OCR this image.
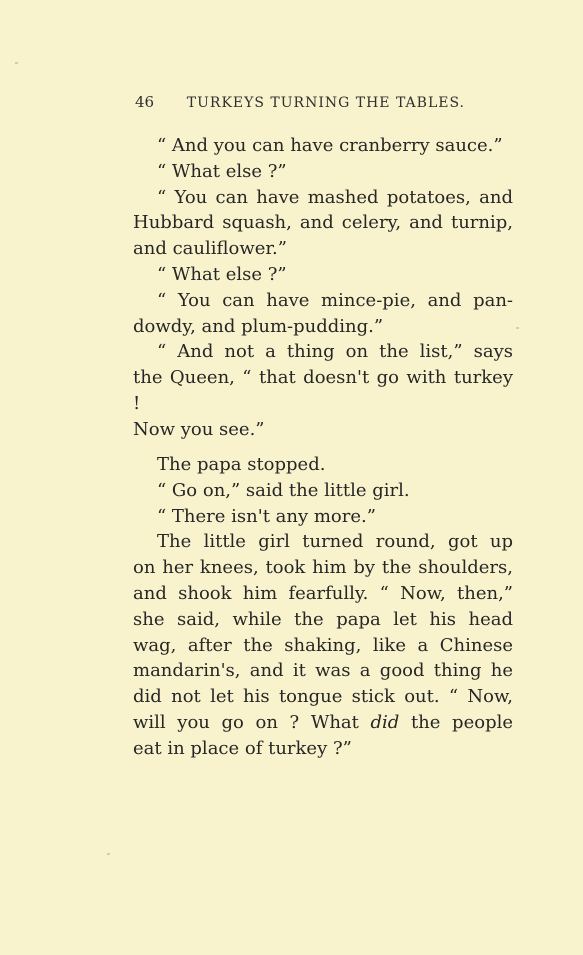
46 TURKEYS TURNING THE TABLES.

“ And you can have cranberry sauce.”

“ What else ?”

“ You can have mashed potatoes, and
Hubbard squash, and celery, and turnip,
and cauliflower.”

“ What else ?”

“ You can have mince-pie, and pan-
dowdy, and plum-pudding.”

“ And not a thing on the list,” says
the Queen, “ that doesn't go with turkey !
Now you see.”

The papa stopped.

“ Go on,” said the little girl.

“ There isn't any more.”

The little girl turned round, got up
on her knees, took him by the shoulders,
and shook him fearfully. “ Now, then,”
she said, while the papa let his head
wag, after the shaking, like a Chinese
mandarin's, and it was a good thing he
did not let his tongue stick out. “ Now,
will you go on ? What did the people
eat in place of turkey ?”
